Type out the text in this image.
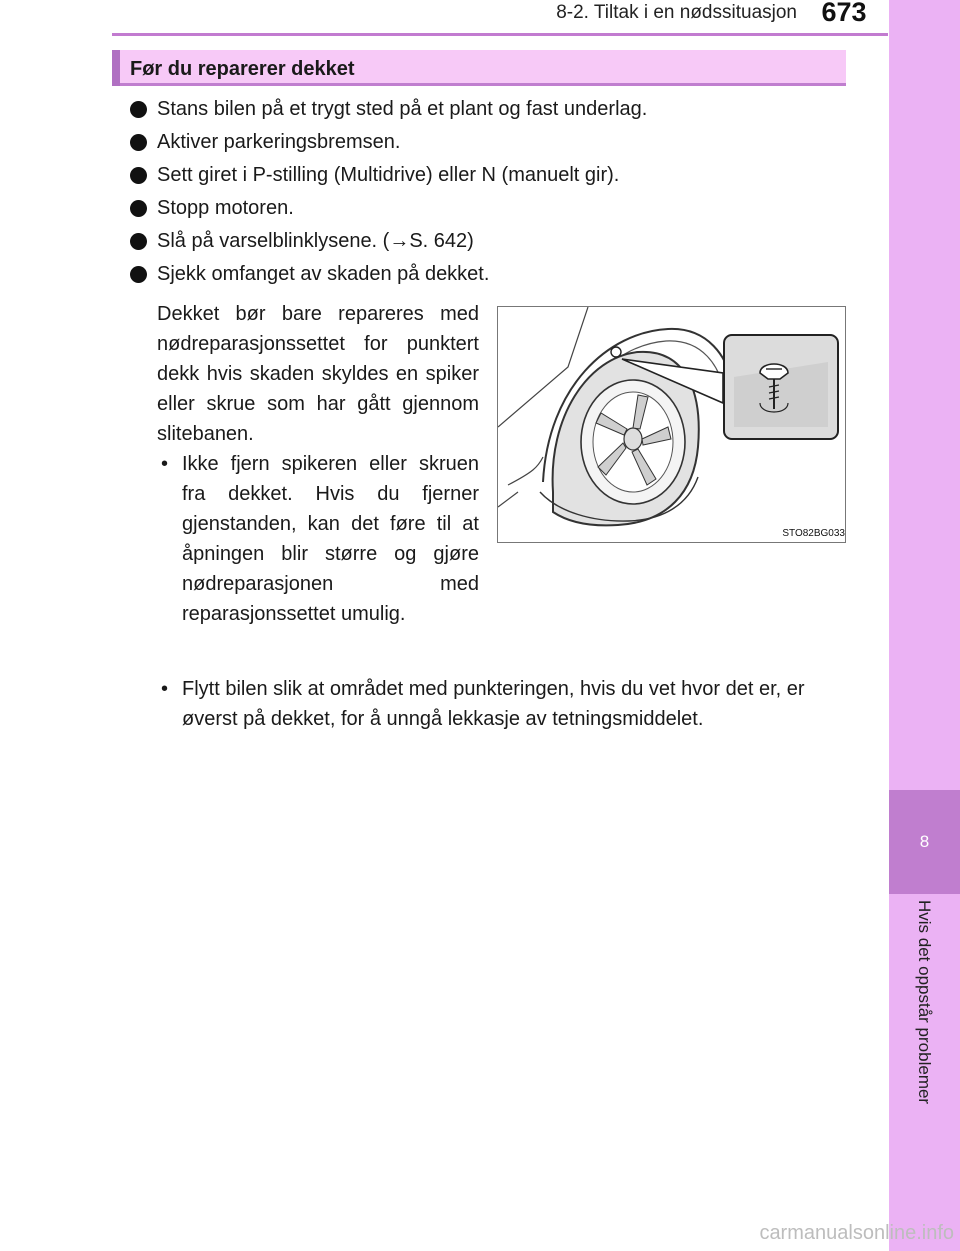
8-2. Tiltak i en nødssituasjon 673
8
Hvis det oppstår problemer
Før du reparerer dekket
Stans bilen på et trygt sted på et plant og fast underlag.
Aktiver parkeringsbremsen.
Sett giret i P-stilling (Multidrive) eller N (manuelt gir).
Stopp motoren.
Slå på varselblinklysene. (→S. 642)
Sjekk omfanget av skaden på dekket.

Dekket bør bare repareres med nødreparasjonssettet for punktert dekk hvis skaden skyldes en spiker eller skrue som har gått gjennom slitebanen.

• Ikke fjern spikeren eller skruen fra dekket. Hvis du fjerner gjenstanden, kan det føre til at åpningen blir større og gjøre nødreparasjonen med reparasjonssettet umulig.

• Flytt bilen slik at området med punkteringen, hvis du vet hvor det er, er øverst på dekket, for å unngå lekkasje av tetningsmiddelet.

STO82BG033
carmanualsonline.info
